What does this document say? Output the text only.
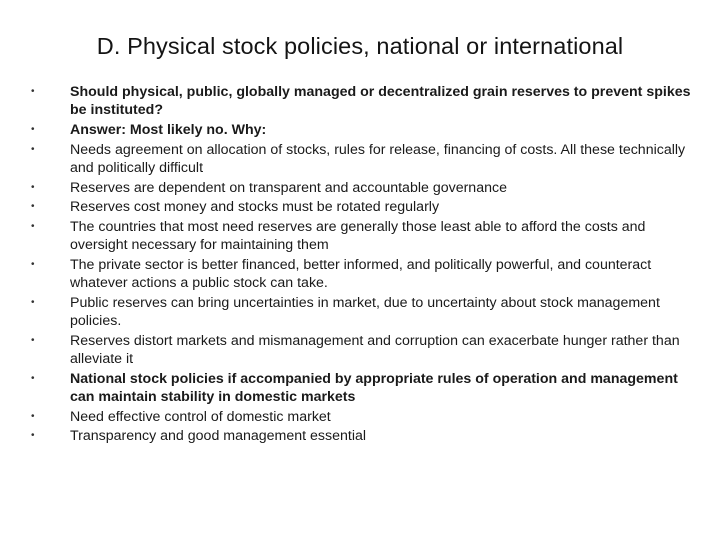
D. Physical stock policies, national or international
• Should physical, public, globally managed or decentralized grain reserves to prevent spikes be instituted?
• Answer: Most likely no. Why:
• Needs agreement on allocation of stocks, rules for release, financing of costs. All these technically and politically difficult
• Reserves are dependent on transparent and accountable governance
• Reserves cost money and stocks must be rotated regularly
• The countries that most need reserves are generally those least able to afford the costs and oversight necessary for maintaining them
• The private sector is better financed, better informed, and politically powerful, and counteract whatever actions a public stock can take.
• Public reserves can bring uncertainties in market, due to uncertainty about stock management policies.
• Reserves distort markets and mismanagement and corruption can exacerbate hunger rather than alleviate it
• National stock policies if accompanied by appropriate rules of operation and management can maintain stability in domestic markets
• Need effective control of domestic market
• Transparency and good management essential
